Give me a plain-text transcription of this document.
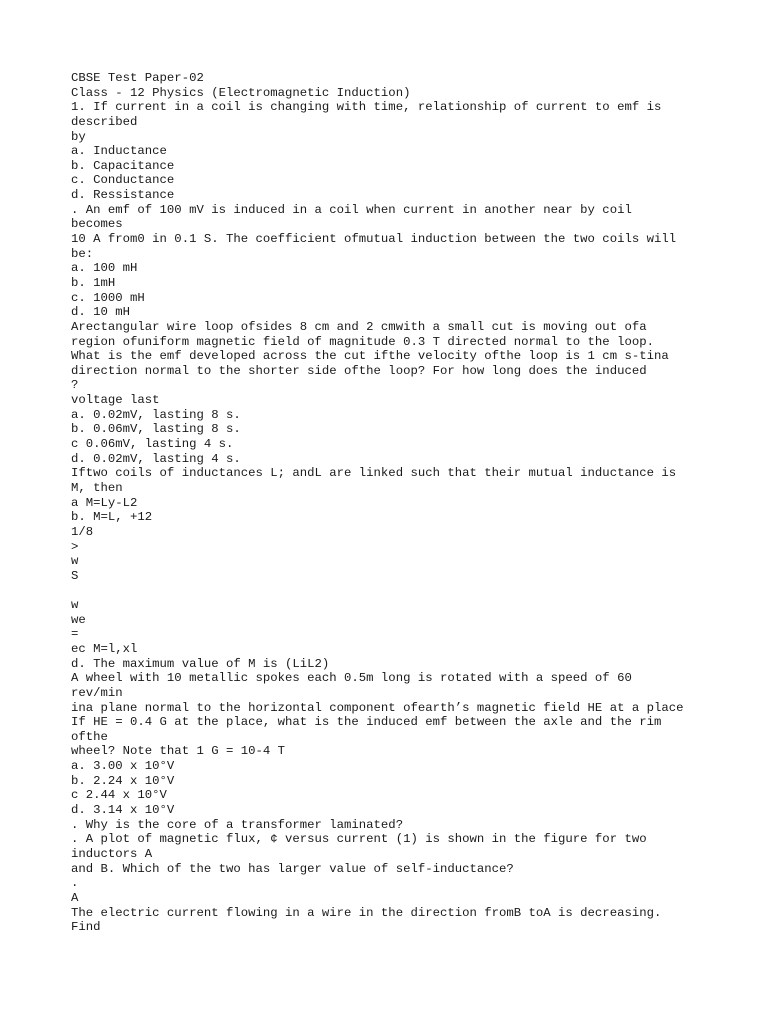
CBSE Test Paper-02
Class - 12 Physics (Electromagnetic Induction)
1. If current in a coil is changing with time, relationship of current to emf is
described
by
a. Inductance
b. Capacitance
c. Conductance
d. Ressistance
. An emf of 100 mV is induced in a coil when current in another near by coil
becomes
10 A from0 in 0.1 S. The coefficient ofmutual induction between the two coils will
be:
a. 100 mH
b. 1mH
c. 1000 mH
d. 10 mH
Arectangular wire loop ofsides 8 cm and 2 cmwith a small cut is moving out ofa
region ofuniform magnetic field of magnitude 0.3 T directed normal to the loop.
What is the emf developed across the cut ifthe velocity ofthe loop is 1 cm s-tina
direction normal to the shorter side ofthe loop? For how long does the induced
?
voltage last
a. 0.02mV, lasting 8 s.
b. 0.06mV, lasting 8 s.
c 0.06mV, lasting 4 s.
d. 0.02mV, lasting 4 s.
Iftwo coils of inductances L; andL are linked such that their mutual inductance is
M, then
a M=Ly-L2
b. M=L, +12
1/8
>
w
S
w
we
=
ec M=l,xl
d. The maximum value of M is (LiL2)
A wheel with 10 metallic spokes each 0.5m long is rotated with a speed of 60
rev/min
ina plane normal to the horizontal component ofearth’s magnetic field HE at a place
If HE = 0.4 G at the place, what is the induced emf between the axle and the rim
ofthe
wheel? Note that 1 G = 10-4 T
a. 3.00 x 10°V
b. 2.24 x 10°V
c 2.44 x 10°V
d. 3.14 x 10°V
. Why is the core of a transformer laminated?
. A plot of magnetic flux, ¢ versus current (1) is shown in the figure for two
inductors A
and B. Which of the two has larger value of self-inductance?
.
A
The electric current flowing in a wire in the direction fromB toA is decreasing.
Find
